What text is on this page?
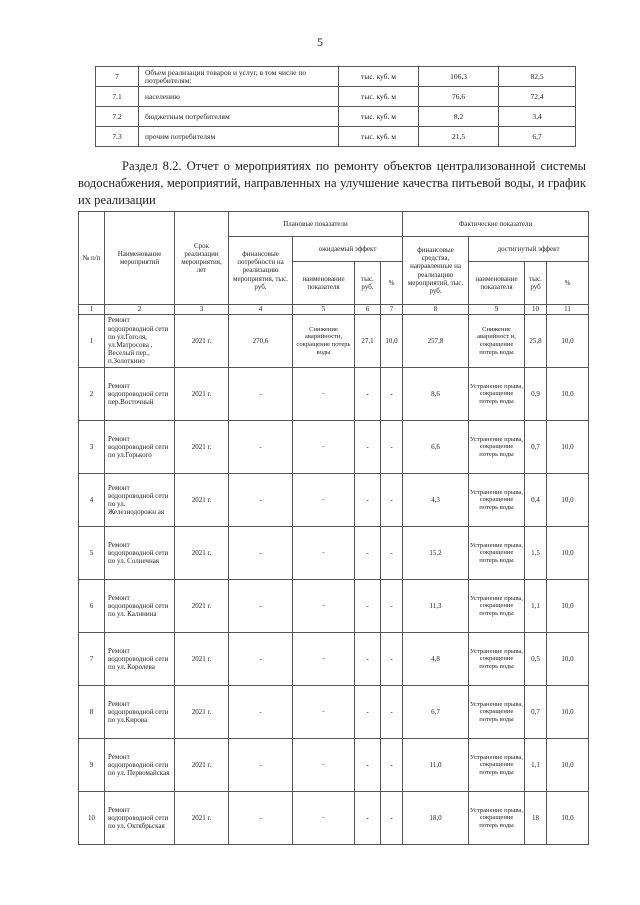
5
7	Объем реализации товаров и услуг, в том числе по потребителям:	тыс. куб. м	106,3	82,5
7.1	населению	тыс. куб. м	76,6	72,4
7.2	бюджетным потребителям	тыс. куб. м	8,2	3,4
7.3	прочим потребителям	тыс. куб. м	21,5	6,7
Раздел 8.2. Отчет о мероприятиях по ремонту объектов централизованной системы водоснабжения, мероприятий, направленных на улучшение качества питьевой воды, и график их реализации
№ п/п	Наименование мероприятий	Срок реализации мероприятия, лет	Плановые показатели				Фактические показатели			
			финансовые потребности на реализацию мероприятия, тыс. руб.	ожидаемый эффект			финансовые средства, направленные на реализацию мероприятий, тыс. руб.	достигнутый эффект		
				наименование показателя	тыс. руб.	%		наименование показателя	тыс. руб	%
1	2	3	4	5	6	7	8	9	10	11
1	Ремонт водопроводной сети по ул.Гоголя, ул.Матросова , Веселый пер., п.Золоткино	2021 г.	270,6	Снижение аварийности, сокращение потерь воды	27,1	10,0	257,8	Снижение аварийност и, сокращение потерь воды	25,8	10,0
2	Ремонт водопроводной сети пер.Восточный	2021 г.	-	-	-	-	8,6	Устранение прыва, сокращение потерь воды	0,9	10,0
3	Ремонт водопроводной сети по ул.Горького	2021 г.	-	-	-	-	6,6	Устранение прыва, сокращение потерь воды	0,7	10,0
4	Ремонт водопроводной сети по ул. Железнодорожн ая	2021 г.	-	-	-	-	4,3	Устранение прыва, сокращение потерь воды	0,4	10,0
5	Ремонт водопроводной сети по ул. Солнечная	2021 г.	-	-	-	-	15,2	Устранение прыва, сокращение потерь воды	1,5	10,0
6	Ремонт водопроводной сети по ул. Калинина	2021 г.	-	-	-	-	11,3	Устранение прыва, сокращение потерь воды	1,1	10,0
7	Ремонт водопроводной сети по ул. Королева	2021 г.	-	-	-	-	4,8	Устранение прыва, сокращение потерь воды	0,5	10,0
8	Ремонт водопроводной сети по ул.Кирова	2021 г.	-	-	-	-	6,7	Устранение прыва, сокращение потерь воды	0,7	10,0
9	Ремонт водопроводной сети по ул. Первомайская	2021 г.	-	-	-	-	11,0	Устранение прыва, сокращение потерь воды	1,1	10,0
10	Ремонт водопроводной сети по ул. Октябрьская	2021 г.	-	-	-	-	18,0	Устранение прыва, сокращение потерь воды	18	10,0
